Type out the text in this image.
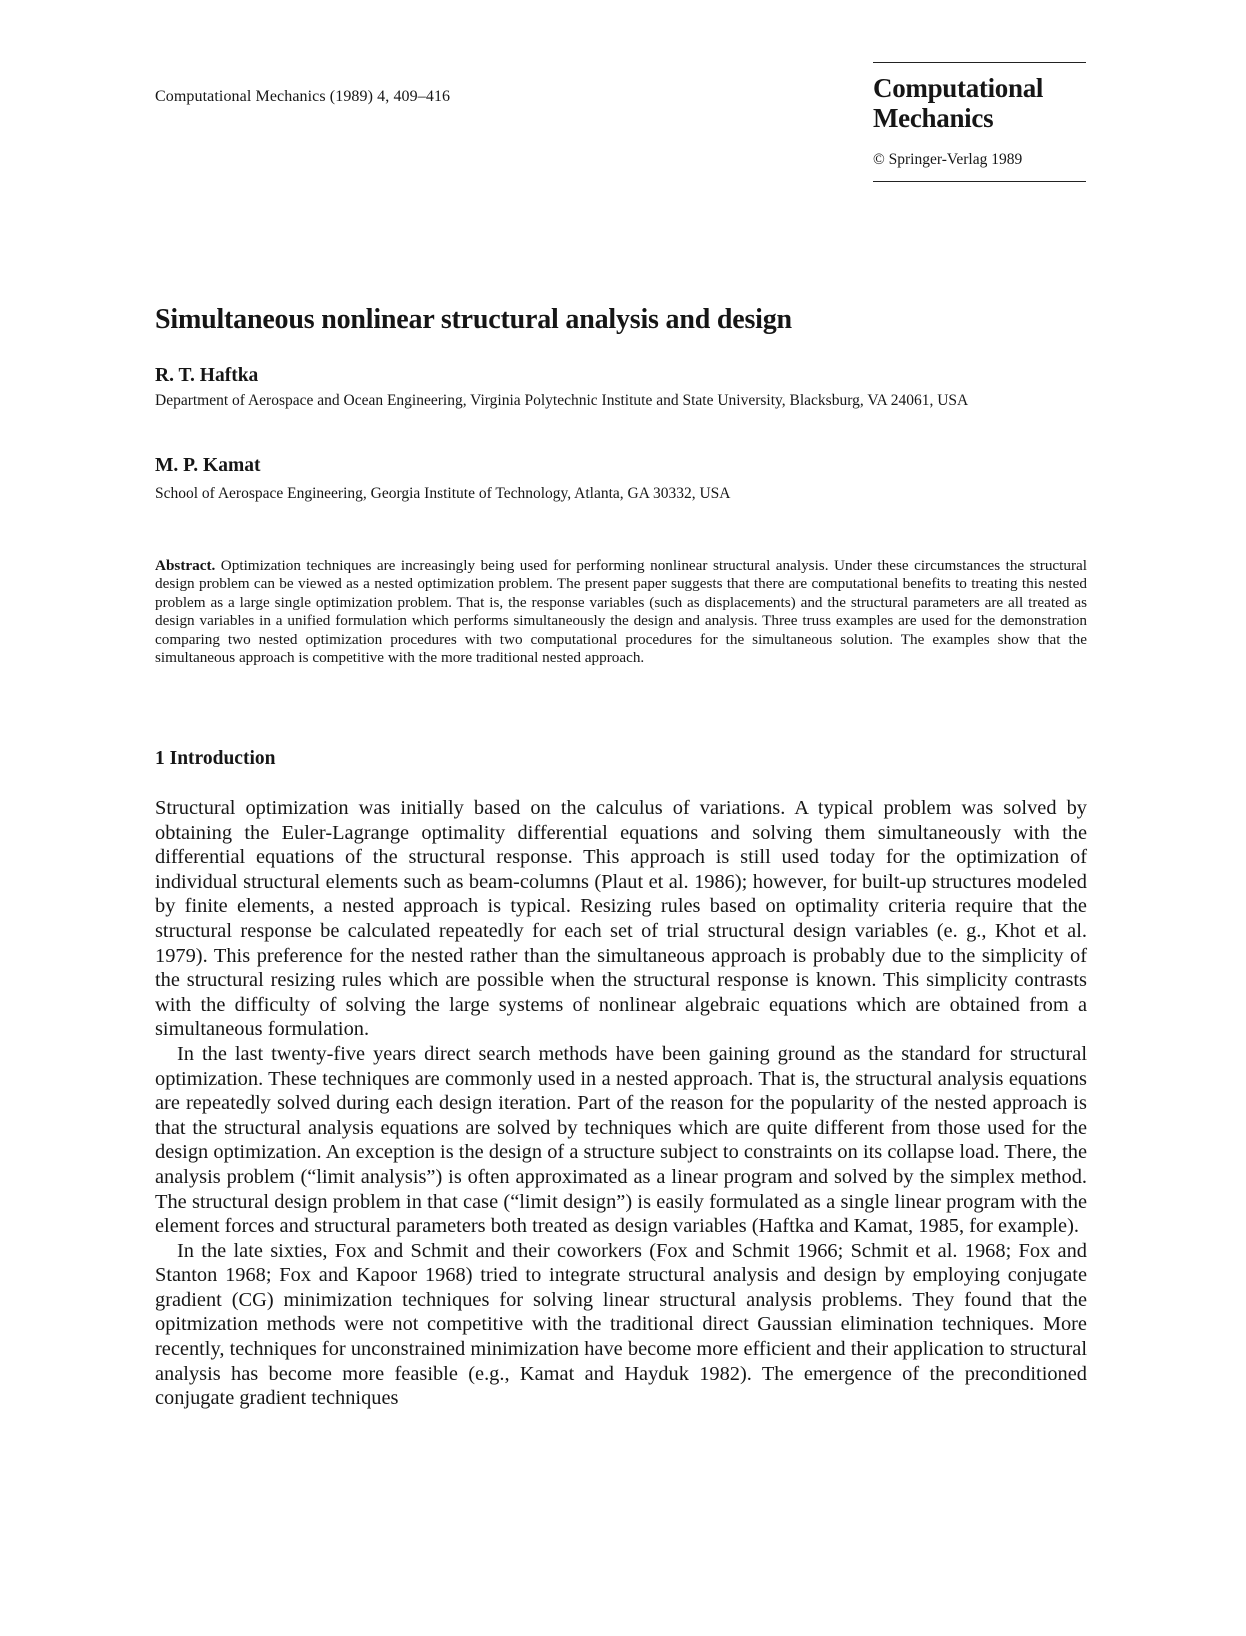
Computational Mechanics (1989) 4, 409–416	Computational
Mechanics
© Springer-Verlag 1989
Simultaneous nonlinear structural analysis and design
R. T. Haftka
Department of Aerospace and Ocean Engineering, Virginia Polytechnic Institute and State University, Blacksburg, VA 24061, USA
M. P. Kamat
School of Aerospace Engineering, Georgia Institute of Technology, Atlanta, GA 30332, USA
Abstract. Optimization techniques are increasingly being used for performing nonlinear structural analysis. Under these circumstances the structural design problem can be viewed as a nested optimization problem. The present paper suggests that there are computational benefits to treating this nested problem as a large single optimization problem. That is, the response variables (such as displacements) and the structural parameters are all treated as design variables in a unified formulation which performs simultaneously the design and analysis. Three truss examples are used for the demonstration comparing two nested optimization procedures with two computational procedures for the simultaneous solution. The examples show that the simultaneous approach is competitive with the more traditional nested approach.
1 Introduction

Structural optimization was initially based on the calculus of variations. A typical problem was solved by obtaining the Euler-Lagrange optimality differential equations and solving them simultaneously with the differential equations of the structural response. This approach is still used today for the optimization of individual structural elements such as beam-columns (Plaut et al. 1986); however, for built-up structures modeled by finite elements, a nested approach is typical. Resizing rules based on optimality criteria require that the structural response be calculated repeatedly for each set of trial structural design variables (e. g., Khot et al. 1979). This preference for the nested rather than the simultaneous approach is probably due to the simplicity of the structural resizing rules which are possible when the structural response is known. This simplicity contrasts with the difficulty of solving the large systems of nonlinear algebraic equations which are obtained from a simultaneous formulation.

In the last twenty-five years direct search methods have been gaining ground as the standard for structural optimization. These techniques are commonly used in a nested approach. That is, the structural analysis equations are repeatedly solved during each design iteration. Part of the reason for the popularity of the nested approach is that the structural analysis equations are solved by techniques which are quite different from those used for the design optimization. An exception is the design of a structure subject to constraints on its collapse load. There, the analysis problem (“limit analysis”) is often approximated as a linear program and solved by the simplex method. The structural design problem in that case (“limit design”) is easily formulated as a single linear program with the element forces and structural parameters both treated as design variables (Haftka and Kamat, 1985, for example).

In the late sixties, Fox and Schmit and their coworkers (Fox and Schmit 1966; Schmit et al. 1968; Fox and Stanton 1968; Fox and Kapoor 1968) tried to integrate structural analysis and design by employing conjugate gradient (CG) minimization techniques for solving linear structural analysis problems. They found that the opitmization methods were not competitive with the traditional direct Gaussian elimination techniques. More recently, techniques for unconstrained minimization have become more efficient and their application to structural analysis has become more feasible (e.g., Kamat and Hayduk 1982). The emergence of the preconditioned conjugate gradient techniques
